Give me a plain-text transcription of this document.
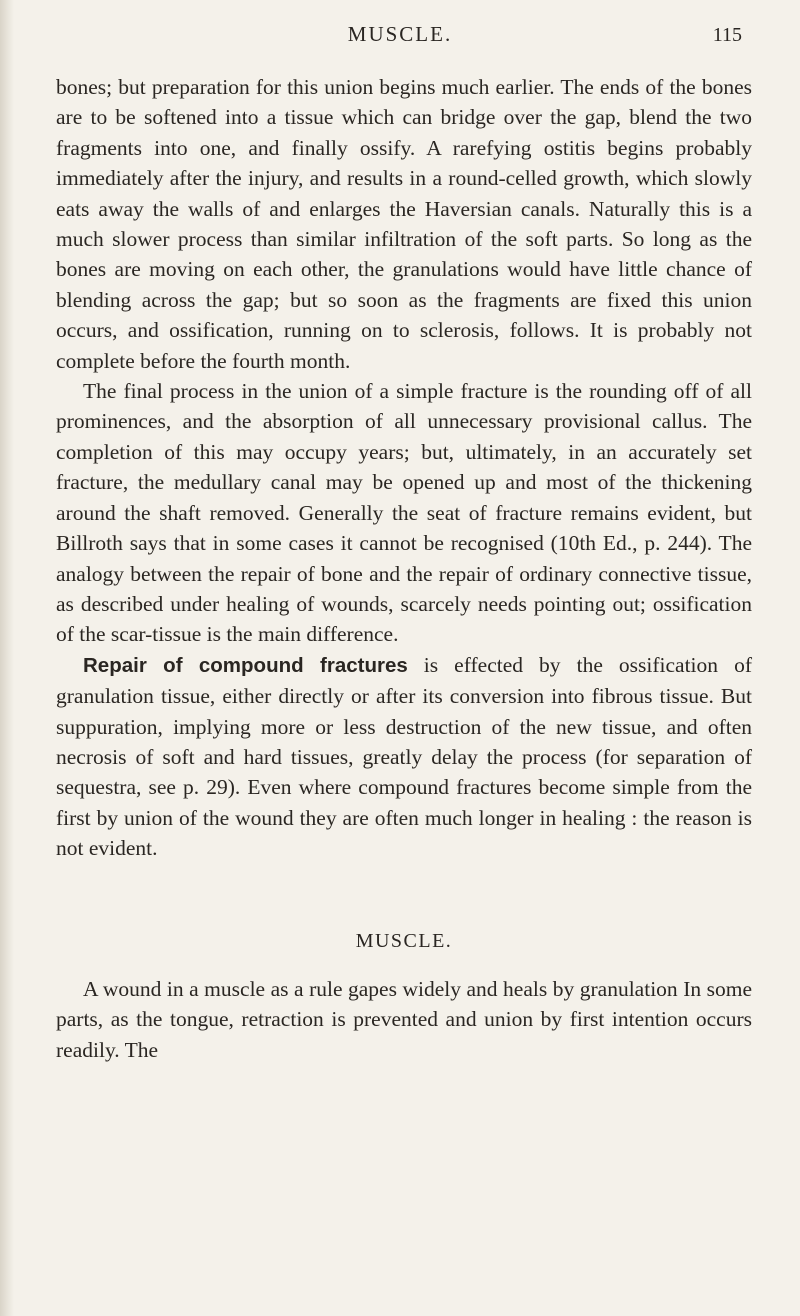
MUSCLE.	115

bones; but preparation for this union begins much earlier. The ends of the bones are to be softened into a tissue which can bridge over the gap, blend the two fragments into one, and finally ossify. A rarefying ostitis begins probably immediately after the injury, and results in a round-celled growth, which slowly eats away the walls of and enlarges the Haversian canals. Naturally this is a much slower process than similar infiltration of the soft parts. So long as the bones are moving on each other, the granulations would have little chance of blending across the gap; but so soon as the fragments are fixed this union occurs, and ossification, running on to sclerosis, follows. It is probably not complete before the fourth month.

The final process in the union of a simple fracture is the rounding off of all prominences, and the absorption of all unnecessary provisional callus. The completion of this may occupy years; but, ultimately, in an accurately set fracture, the medullary canal may be opened up and most of the thickening around the shaft removed. Generally the seat of fracture remains evident, but Billroth says that in some cases it cannot be recognised (10th Ed., p. 244). The analogy between the repair of bone and the repair of ordinary connective tissue, as described under healing of wounds, scarcely needs pointing out; ossification of the scar-tissue is the main difference.

Repair of compound fractures is effected by the ossification of granulation tissue, either directly or after its conversion into fibrous tissue. But suppuration, implying more or less destruction of the new tissue, and often necrosis of soft and hard tissues, greatly delay the process (for separation of sequestra, see p. 29). Even where compound fractures become simple from the first by union of the wound they are often much longer in healing : the reason is not evident.

MUSCLE.

A wound in a muscle as a rule gapes widely and heals by granulation In some parts, as the tongue, retraction is prevented and union by first intention occurs readily. The
